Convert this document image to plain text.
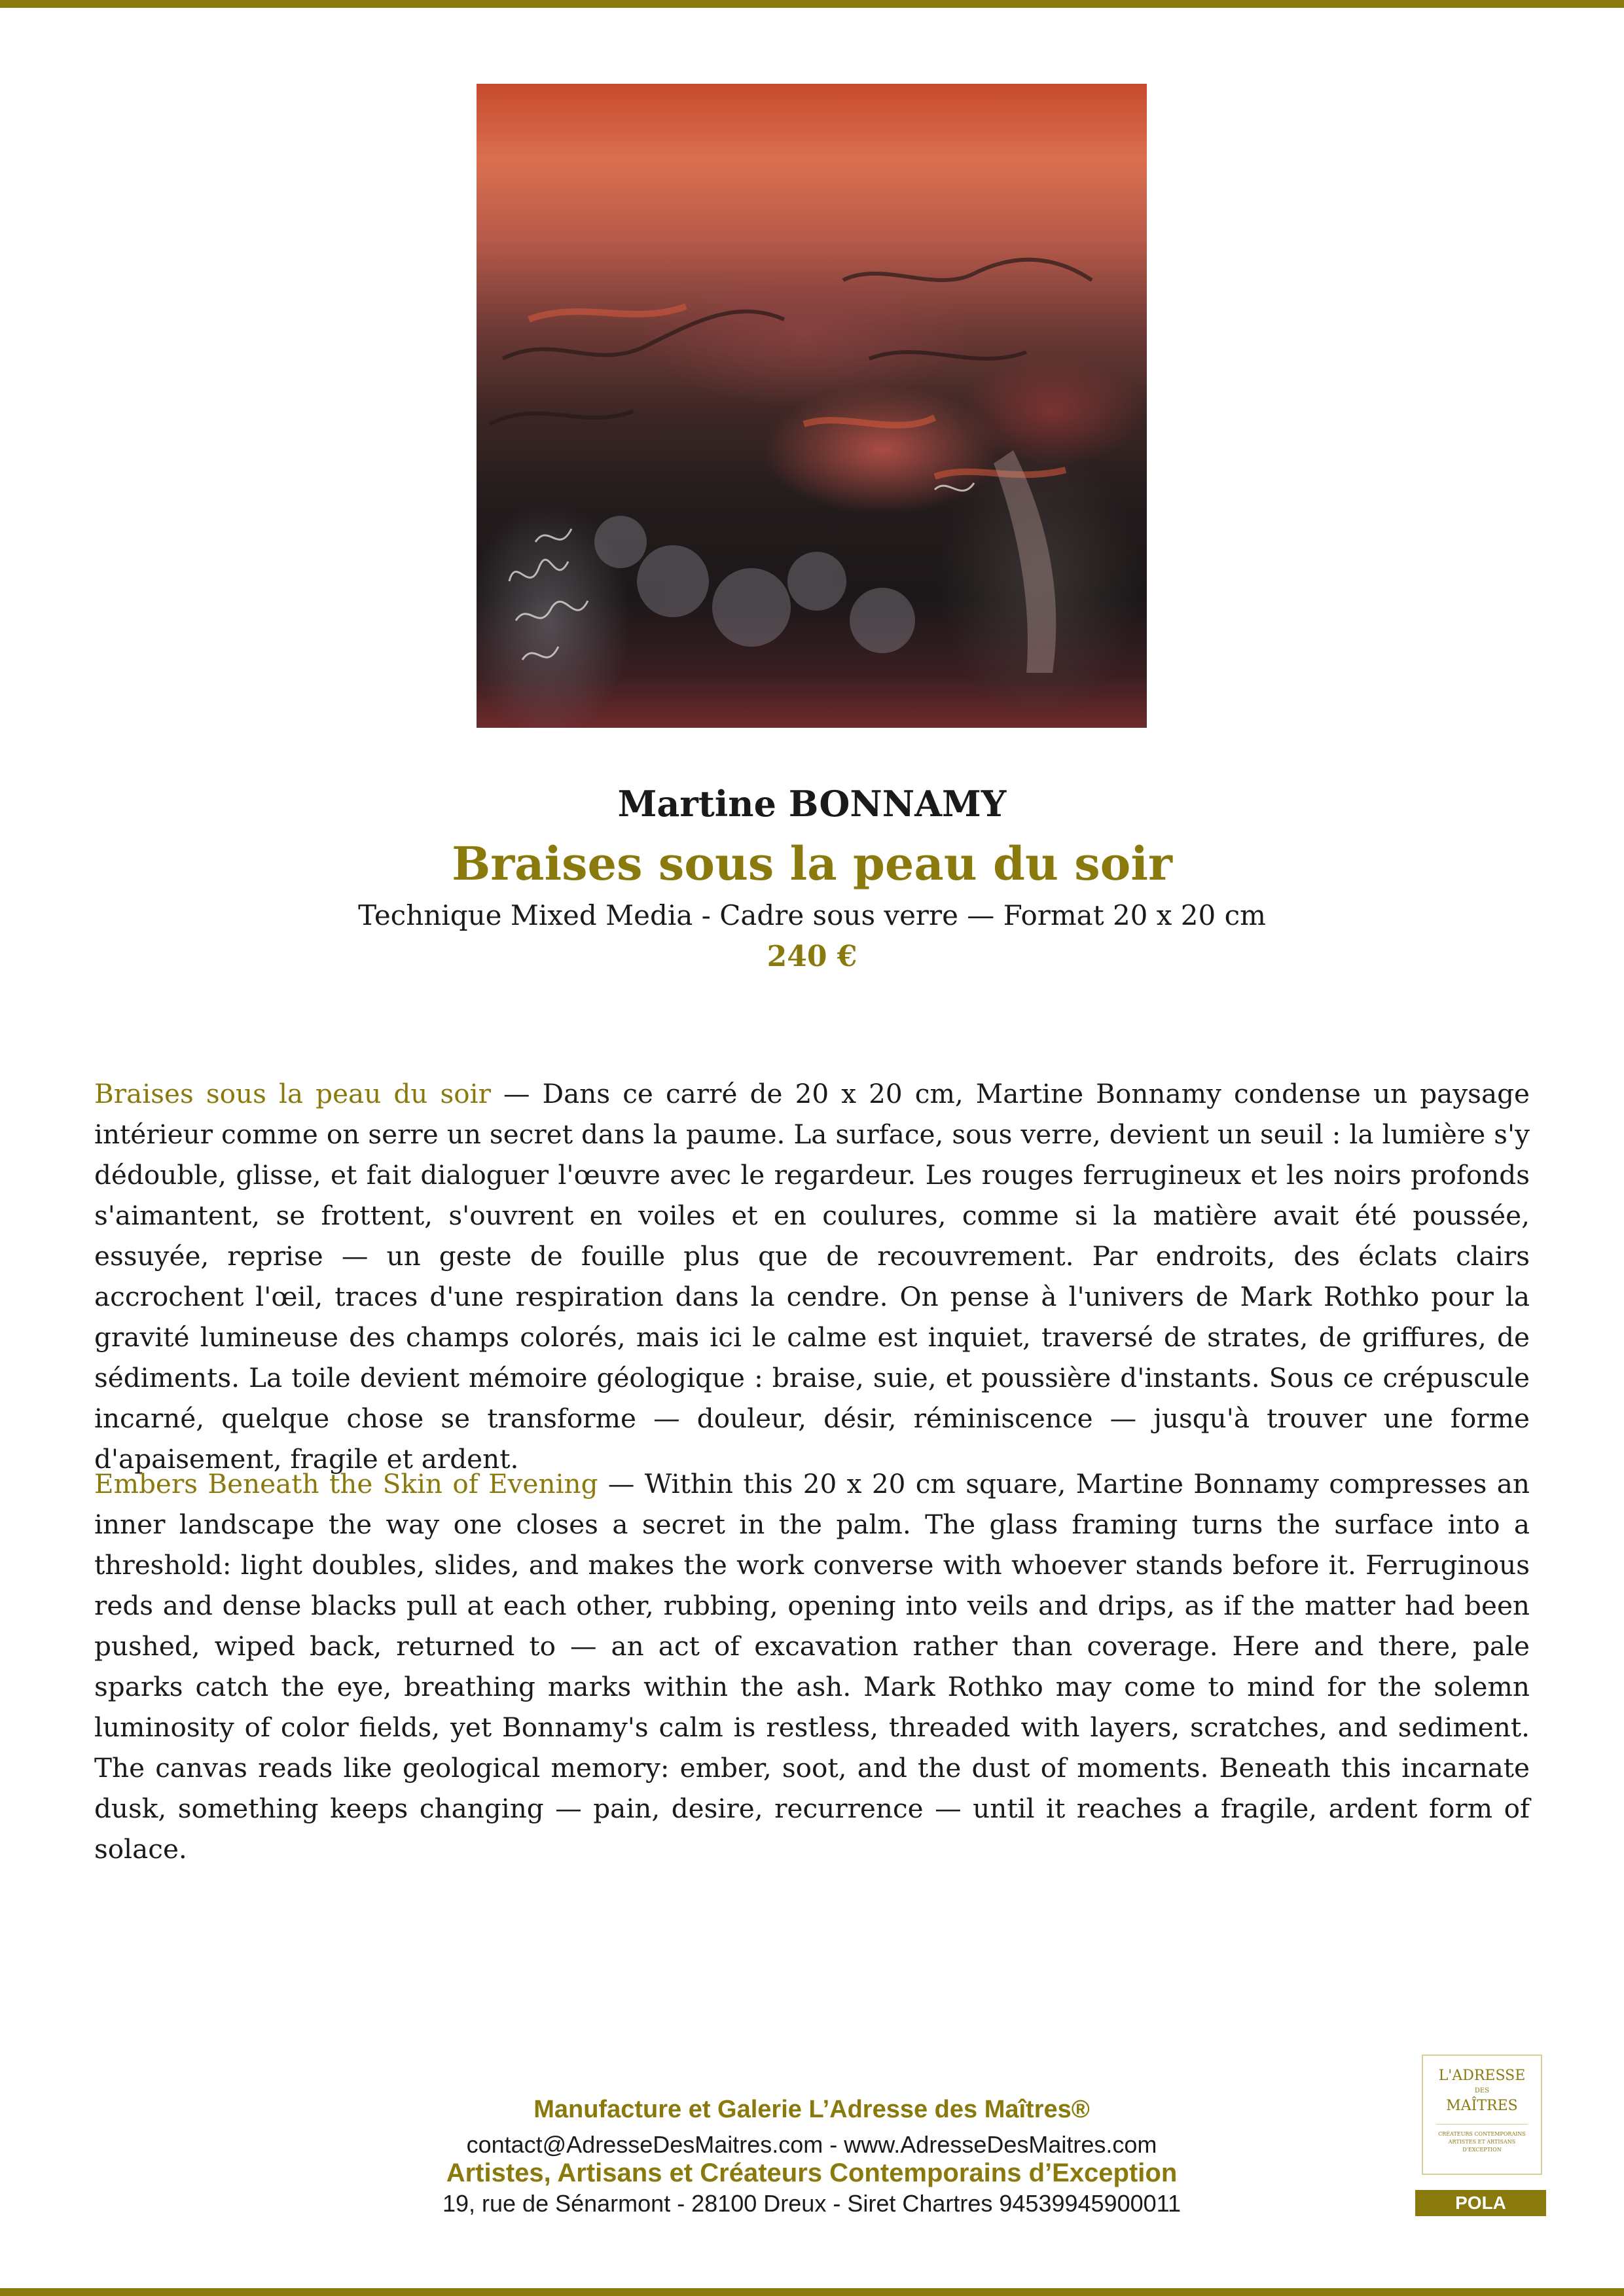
Martine BONNAMY
Braises sous la peau du soir
Technique Mixed Media - Cadre sous verre — Format 20 x 20 cm
240 €

Braises sous la peau du soir — Dans ce carré de 20 x 20 cm, Martine Bonnamy condense un paysage intérieur comme on serre un secret dans la paume. La surface, sous verre, devient un seuil : la lumière s'y dédouble, glisse, et fait dialoguer l'œuvre avec le regardeur. Les rouges ferrugineux et les noirs profonds s'aimantent, se frottent, s'ouvrent en voiles et en coulures, comme si la matière avait été poussée, essuyée, reprise — un geste de fouille plus que de recouvrement. Par endroits, des éclats clairs accrochent l'œil, traces d'une respiration dans la cendre. On pense à l'univers de Mark Rothko pour la gravité lumineuse des champs colorés, mais ici le calme est inquiet, traversé de strates, de griffures, de sédiments. La toile devient mémoire géologique : braise, suie, et poussière d'instants. Sous ce crépuscule incarné, quelque chose se transforme — douleur, désir, réminiscence — jusqu'à trouver une forme d'apaisement, fragile et ardent.

Embers Beneath the Skin of Evening — Within this 20 x 20 cm square, Martine Bonnamy compresses an inner landscape the way one closes a secret in the palm. The glass framing turns the surface into a threshold: light doubles, slides, and makes the work converse with whoever stands before it. Ferruginous reds and dense blacks pull at each other, rubbing, opening into veils and drips, as if the matter had been pushed, wiped back, returned to — an act of excavation rather than coverage. Here and there, pale sparks catch the eye, breathing marks within the ash. Mark Rothko may come to mind for the solemn luminosity of color fields, yet Bonnamy's calm is restless, threaded with layers, scratches, and sediment. The canvas reads like geological memory: ember, soot, and the dust of moments. Beneath this incarnate dusk, something keeps changing — pain, desire, recurrence — until it reaches a fragile, ardent form of solace.

Manufacture et Galerie L’Adresse des Maîtres®
contact@AdresseDesMaitres.com - www.AdresseDesMaitres.com
Artistes, Artisans et Créateurs Contemporains d’Exception
19, rue de Sénarmont - 28100 Dreux - Siret Chartres 94539945900011
L'ADRESSE
DES
MAÎTRES
CRÉATEURS CONTEMPORAINS ARTISTES ET ARTISANS D'EXCEPTION
POLA
